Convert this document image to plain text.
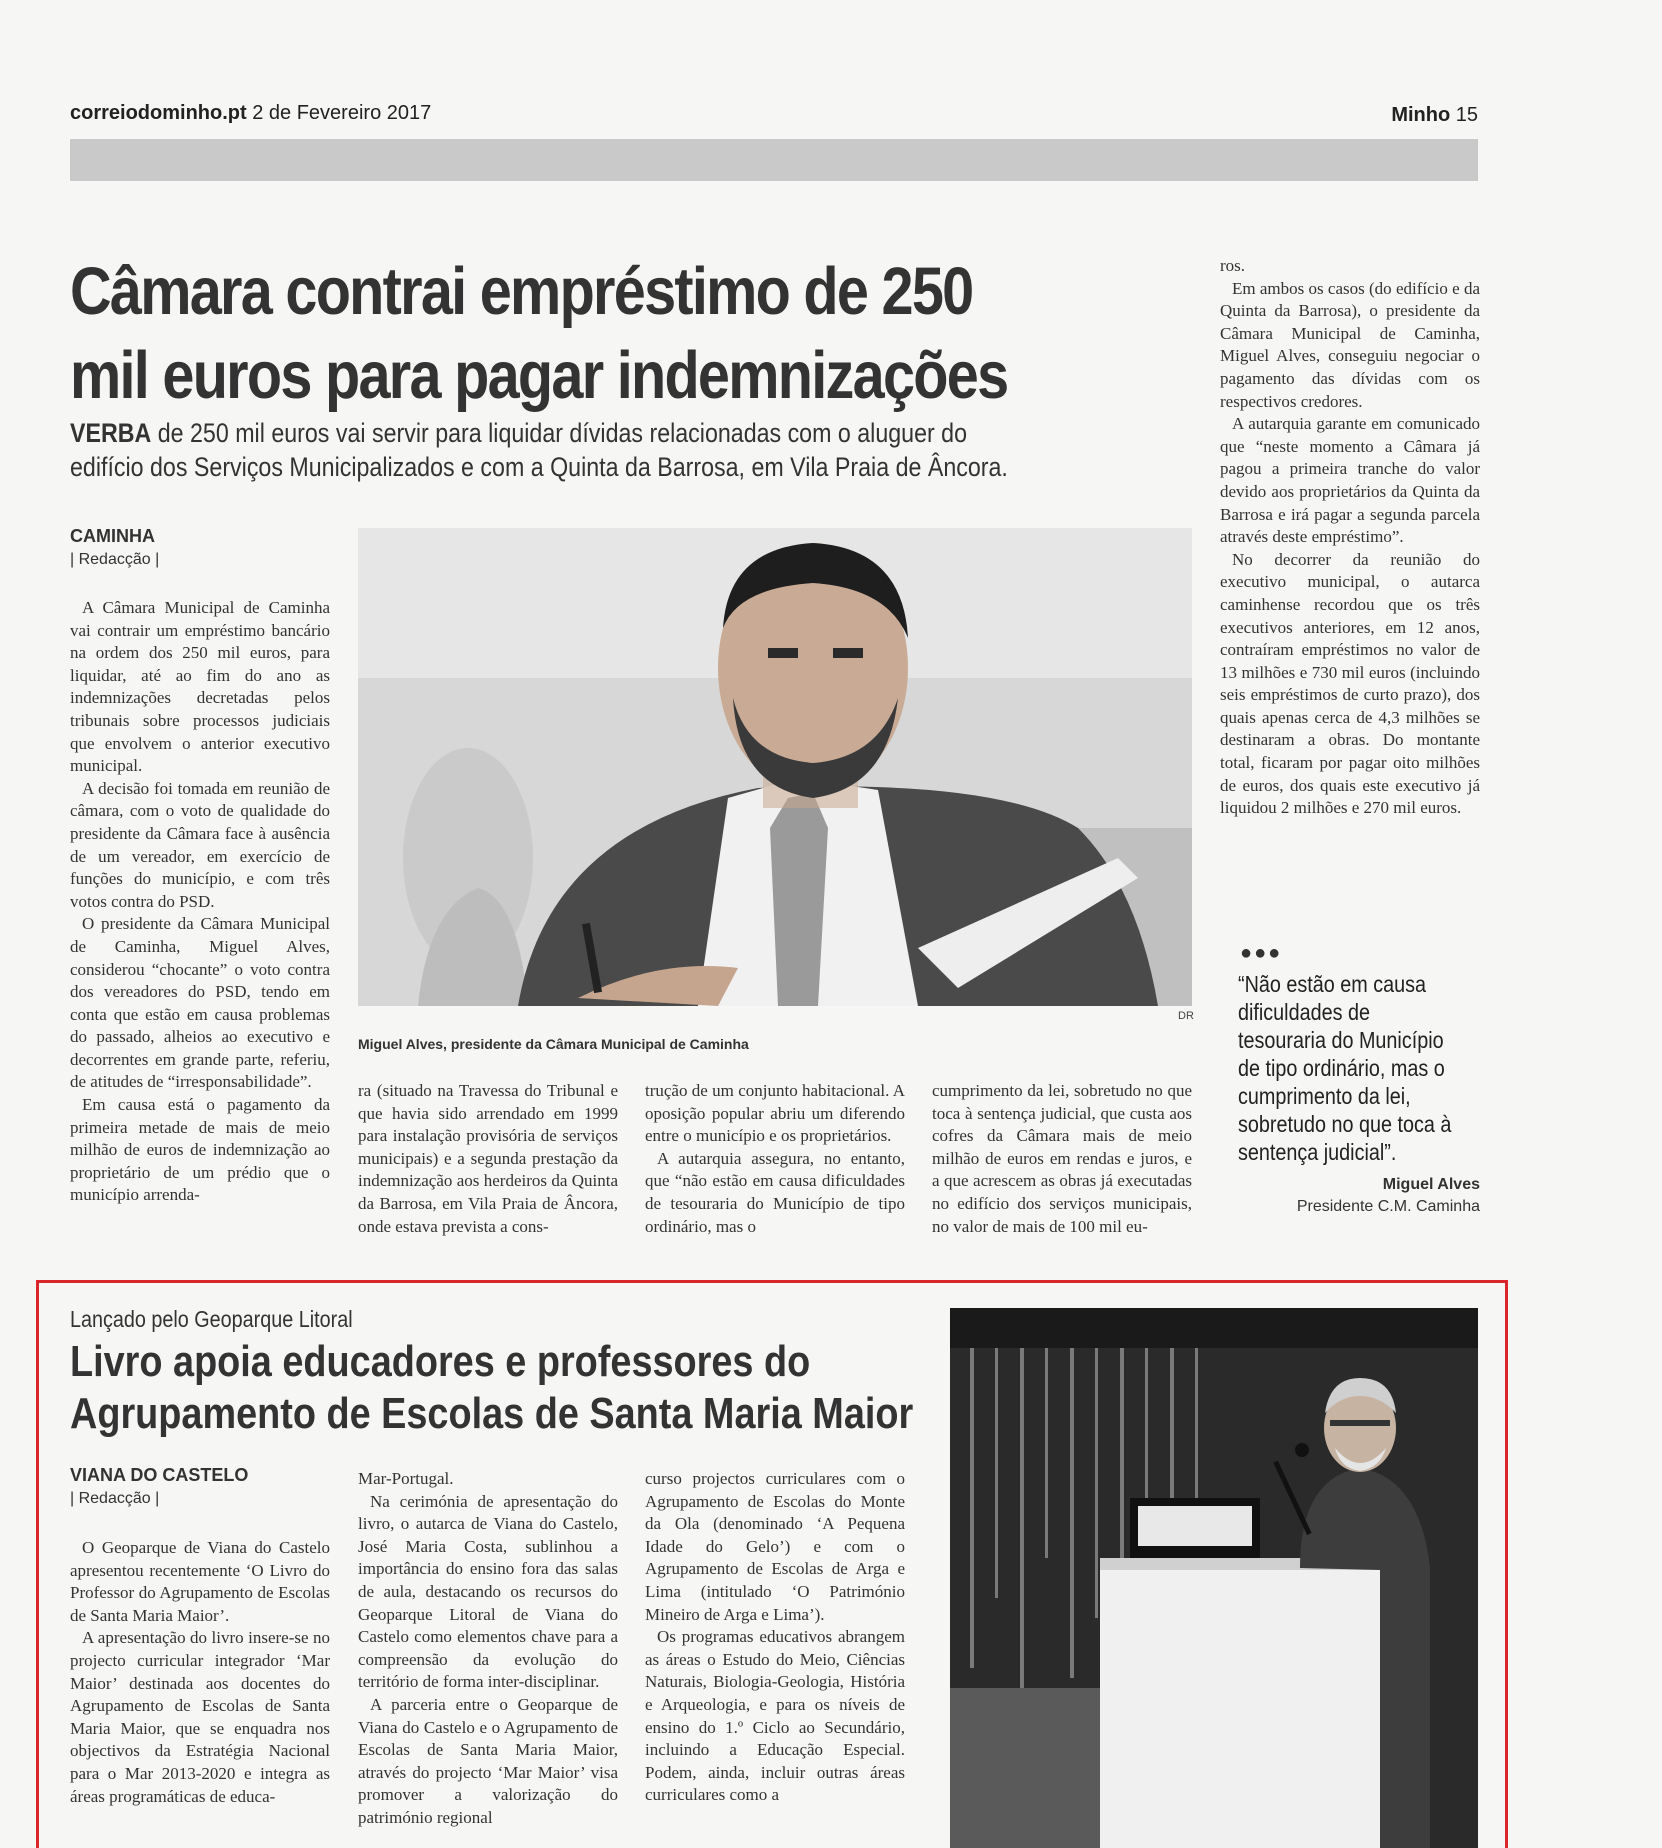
correiodominho.pt 2 de Fevereiro 2017	Minho 15
Câmara contrai empréstimo de 250
mil euros para pagar indemnizações
VERBA de 250 mil euros vai servir para liquidar dívidas relacionadas com o aluguer do edifício dos Serviços Municipalizados e com a Quinta da Barrosa, em Vila Praia de Âncora.
CAMINHA
| Redacção |

A Câmara Municipal de Caminha vai contrair um empréstimo bancário na ordem dos 250 mil euros, para liquidar, até ao fim do ano as indemnizações decretadas pelos tribunais sobre processos judiciais que envolvem o anterior executivo municipal.

A decisão foi tomada em reunião de câmara, com o voto de qualidade do presidente da Câmara face à ausência de um vereador, em exercício de funções do município, e com três votos contra do PSD.

O presidente da Câmara Municipal de Caminha, Miguel Alves, considerou “chocante” o voto contra dos vereadores do PSD, tendo em conta que estão em causa problemas do passado, alheios ao executivo e decorrentes em grande parte, referiu, de atitudes de “irresponsabilidade”.

Em causa está o pagamento da primeira metade de mais de meio milhão de euros de indemnização ao proprietário de um prédio que o município arrenda-

DR
Miguel Alves, presidente da Câmara Municipal de Caminha

ra (situado na Travessa do Tribunal e que havia sido arrendado em 1999 para instalação provisória de serviços municipais) e a segunda prestação da indemnização aos herdeiros da Quinta da Barrosa, em Vila Praia de Âncora, onde estava prevista a cons-

trução de um conjunto habitacional. A oposição popular abriu um diferendo entre o município e os proprietários.

A autarquia assegura, no entanto, que “não estão em causa dificuldades de tesouraria do Município de tipo ordinário, mas o

cumprimento da lei, sobretudo no que toca à sentença judicial, que custa aos cofres da Câmara mais de meio milhão de euros em rendas e juros, e a que acrescem as obras já executadas no edifício dos serviços municipais, no valor de mais de 100 mil eu-

ros.

Em ambos os casos (do edifício e da Quinta da Barrosa), o presidente da Câmara Municipal de Caminha, Miguel Alves, conseguiu negociar o pagamento das dívidas com os respectivos credores.

A autarquia garante em comunicado que “neste momento a Câmara já pagou a primeira tranche do valor devido aos proprietários da Quinta da Barrosa e irá pagar a segunda parcela através deste empréstimo”.

No decorrer da reunião do executivo municipal, o autarca caminhense recordou que os três executivos anteriores, em 12 anos, contraíram empréstimos no valor de 13 milhões e 730 mil euros (incluindo seis empréstimos de curto prazo), dos quais apenas cerca de 4,3 milhões se destinaram a obras. Do montante total, ficaram por pagar oito milhões de euros, dos quais este executivo já liquidou 2 milhões e 270 mil euros.

●●●
“Não estão em causa dificuldades de tesouraria do Município de tipo ordinário, mas o cumprimento da lei, sobretudo no que toca à sentença judicial”.
Miguel Alves
Presidente C.M. Caminha
Lançado pelo Geoparque Litoral
Livro apoia educadores e professores do
Agrupamento de Escolas de Santa Maria Maior
VIANA DO CASTELO
| Redacção |

O Geoparque de Viana do Castelo apresentou recentemente ‘O Livro do Professor do Agrupamento de Escolas de Santa Maria Maior’.

A apresentação do livro insere-se no projecto curricular integrador ‘Mar Maior’ destinada aos docentes do Agrupamento de Escolas de Santa Maria Maior, que se enquadra nos objectivos da Estratégia Nacional para o Mar 2013-2020 e integra as áreas programáticas de educa-

Mar-Portugal.

Na cerimónia de apresentação do livro, o autarca de Viana do Castelo, José Maria Costa, sublinhou a importância do ensino fora das salas de aula, destacando os recursos do Geoparque Litoral de Viana do Castelo como elementos chave para a compreensão da evolução do território de forma inter-disciplinar.

A parceria entre o Geoparque de Viana do Castelo e o Agrupamento de Escolas de Santa Maria Maior, através do projecto ‘Mar Maior’ visa promover a valorização do património regional

curso projectos curriculares com o Agrupamento de Escolas do Monte da Ola (denominado ‘A Pequena Idade do Gelo’) e com o Agrupamento de Escolas de Arga e Lima (intitulado ‘O Património Mineiro de Arga e Lima’).

Os programas educativos abrangem as áreas o Estudo do Meio, Ciências Naturais, Biologia-Geologia, História e Arqueologia, e para os níveis de ensino do 1.º Ciclo ao Secundário, incluindo a Educação Especial. Podem, ainda, incluir outras áreas curriculares como a
